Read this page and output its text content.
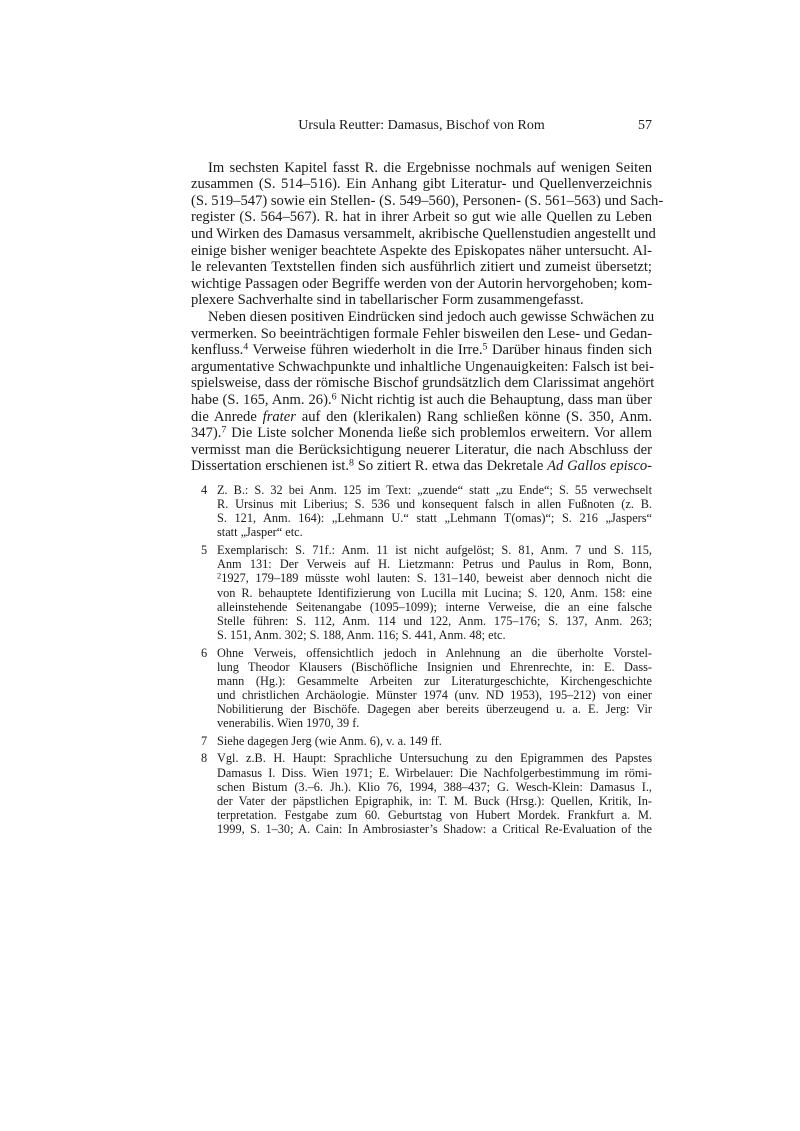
Ursula Reutter: Damasus, Bischof von Rom	57
Im sechsten Kapitel fasst R. die Ergebnisse nochmals auf wenigen Seiten
zusammen (S. 514–516). Ein Anhang gibt Literatur- und Quellenverzeichnis
(S. 519–547) sowie ein Stellen- (S. 549–560), Personen- (S. 561–563) und Sach-
register (S. 564–567). R. hat in ihrer Arbeit so gut wie alle Quellen zu Leben
und Wirken des Damasus versammelt, akribische Quellenstudien angestellt und
einige bisher weniger beachtete Aspekte des Episkopates näher untersucht. Al-
le relevanten Textstellen finden sich ausführlich zitiert und zumeist übersetzt;
wichtige Passagen oder Begriffe werden von der Autorin hervorgehoben; kom-
plexere Sachverhalte sind in tabellarischer Form zusammengefasst.
Neben diesen positiven Eindrücken sind jedoch auch gewisse Schwächen zu
vermerken. So beeinträchtigen formale Fehler bisweilen den Lese- und Gedan-
kenfluss.$^4$ Verweise führen wiederholt in die Irre.$^5$ Darüber hinaus finden sich
argumentative Schwachpunkte und inhaltliche Ungenauigkeiten: Falsch ist bei-
spielsweise, dass der römische Bischof grundsätzlich dem Clarissimat angehört
habe (S. 165, Anm. 26).$^6$ Nicht richtig ist auch die Behauptung, dass man über
die Anrede frater auf den (klerikalen) Rang schließen könne (S. 350, Anm.
347).$^7$ Die Liste solcher Monenda ließe sich problemlos erweitern. Vor allem
vermisst man die Berücksichtigung neuerer Literatur, die nach Abschluss der
Dissertation erschienen ist.$^8$ So zitiert R. etwa das Dekretale Ad Gallos episco-
4 Z. B.: S. 32 bei Anm. 125 im Text: „zuende“ statt „zu Ende“; S. 55 verwechselt
R. Ursinus mit Liberius; S. 536 und konsequent falsch in allen Fußnoten (z. B.
S. 121, Anm. 164): „Lehmann U.“ statt „Lehmann T(omas)“; S. 216 „Jaspers“
statt „Jasper“ etc.
5 Exemplarisch: S. 71f.: Anm. 11 ist nicht aufgelöst; S. 81, Anm. 7 und S. 115,
Anm 131: Der Verweis auf H. Lietzmann: Petrus und Paulus in Rom, Bonn,
$^2$1927, 179–189 müsste wohl lauten: S. 131–140, beweist aber dennoch nicht die
von R. behauptete Identifizierung von Lucilla mit Lucina; S. 120, Anm. 158: eine
alleinstehende Seitenangabe (1095–1099); interne Verweise, die an eine falsche
Stelle führen: S. 112, Anm. 114 und 122, Anm. 175–176; S. 137, Anm. 263;
S. 151, Anm. 302; S. 188, Anm. 116; S. 441, Anm. 48; etc.
6 Ohne Verweis, offensichtlich jedoch in Anlehnung an die überholte Vorstel-
lung Theodor Klausers (Bischöfliche Insignien und Ehrenrechte, in: E. Dass-
mann (Hg.): Gesammelte Arbeiten zur Literaturgeschichte, Kirchengeschichte
und christlichen Archäologie. Münster 1974 (unv. ND 1953), 195–212) von einer
Nobilitierung der Bischöfe. Dagegen aber bereits überzeugend u. a. E. Jerg: Vir
venerabilis. Wien 1970, 39 f.
7 Siehe dagegen Jerg (wie Anm. 6), v. a. 149 ff.
8 Vgl. z.B. H. Haupt: Sprachliche Untersuchung zu den Epigrammen des Papstes
Damasus I. Diss. Wien 1971; E. Wirbelauer: Die Nachfolgerbestimmung im römi-
schen Bistum (3.–6. Jh.). Klio 76, 1994, 388–437; G. Wesch-Klein: Damasus I.,
der Vater der päpstlichen Epigraphik, in: T. M. Buck (Hrsg.): Quellen, Kritik, In-
terpretation. Festgabe zum 60. Geburtstag von Hubert Mordek. Frankfurt a. M.
1999, S. 1–30; A. Cain: In Ambrosiaster’s Shadow: a Critical Re-Evaluation of the
